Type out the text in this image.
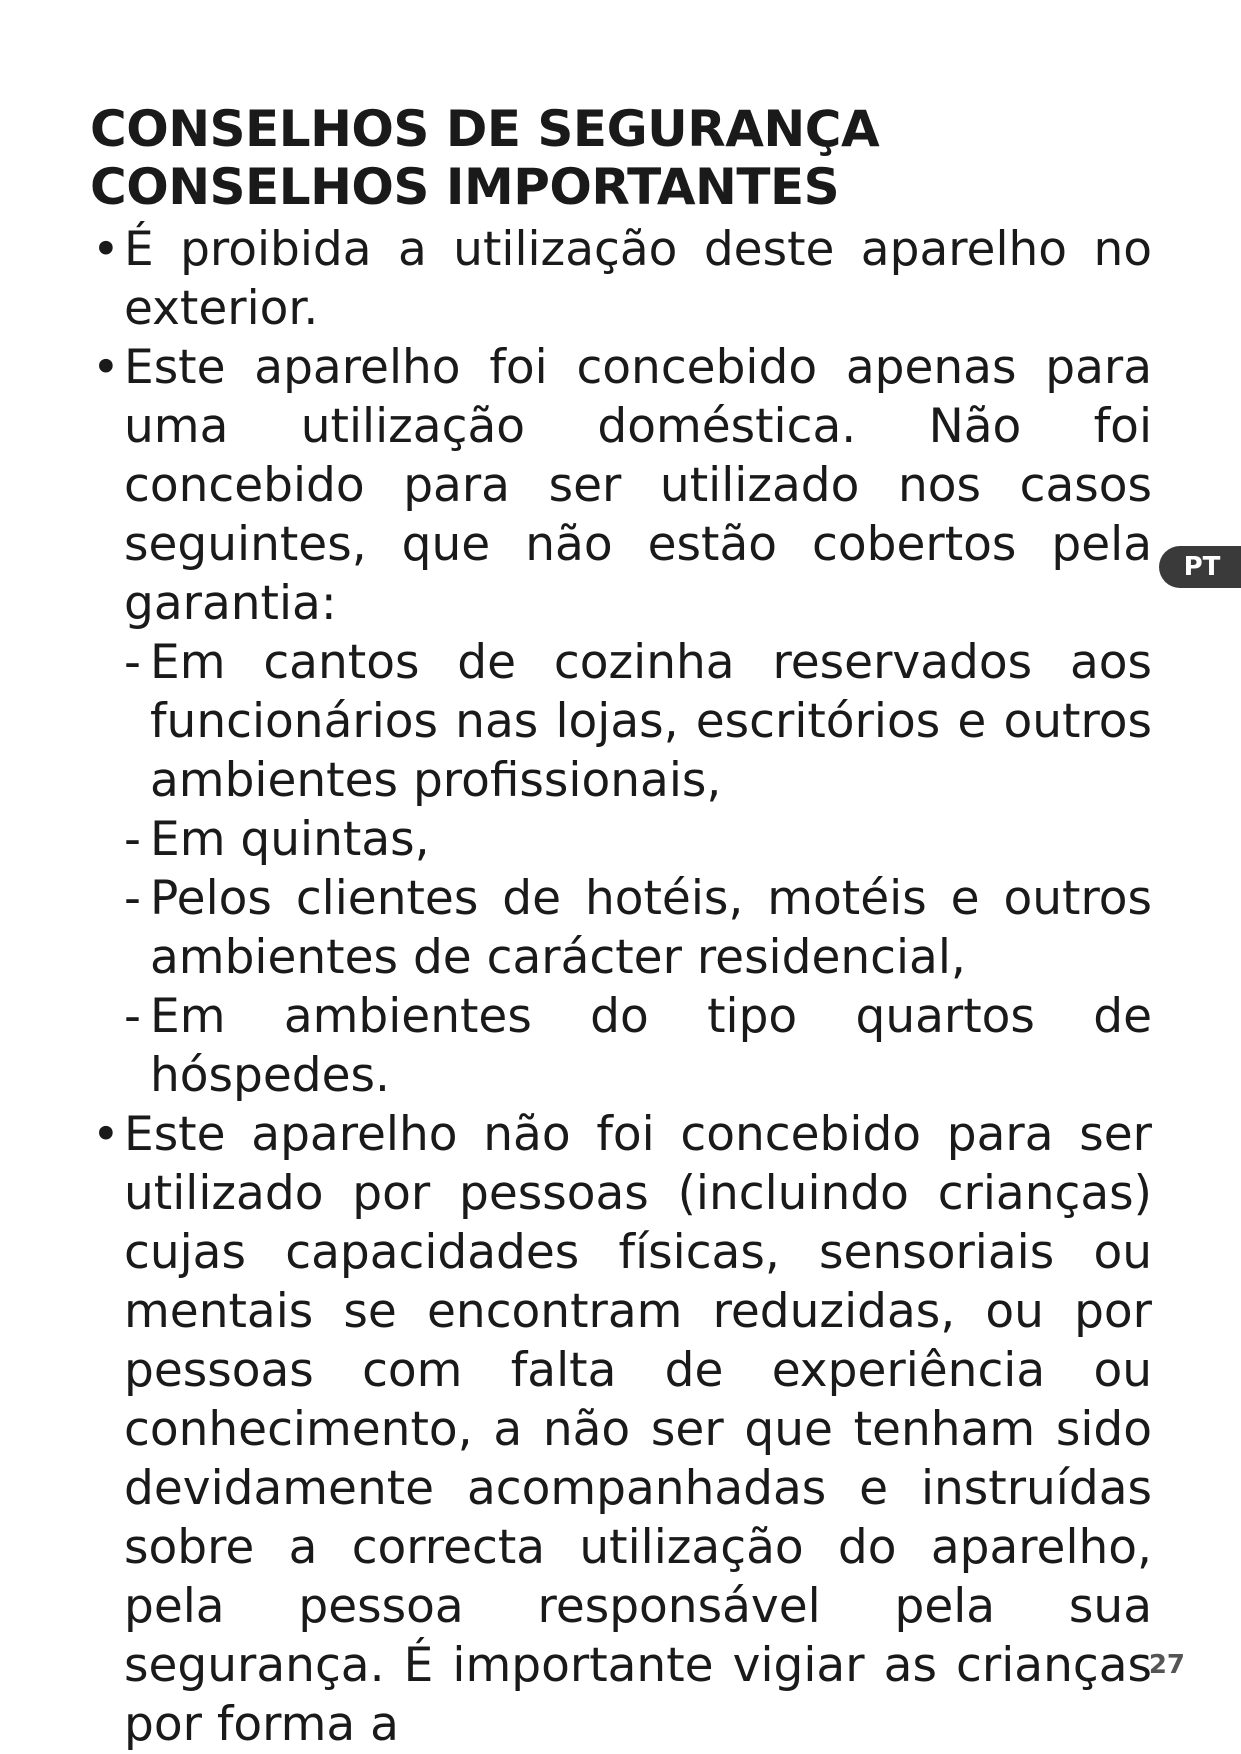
CONSELHOS DE SEGURANÇA
CONSELHOS IMPORTANTES
• É proibida a utilização deste aparelho no exterior.
• Este aparelho foi concebido apenas para uma utilização doméstica. Não foi concebido para ser utilizado nos casos seguintes, que não estão cobertos pela garantia:
- Em cantos de cozinha reservados aos funcionários nas lojas, escritórios e outros ambientes profissionais,
- Em quintas,
- Pelos clientes de hotéis, motéis e outros ambientes de carácter residencial,
- Em ambientes do tipo quartos de hóspedes.
• Este aparelho não foi concebido para ser utilizado por pessoas (incluindo crianças) cujas capacidades físicas, sensoriais ou mentais se encontram reduzidas, ou por pessoas com falta de experiência ou conhecimento, a não ser que tenham sido devidamente acompanhadas e instruídas sobre a correcta utilização do aparelho, pela pessoa responsável pela sua segurança. É importante vigiar as crianças por forma a
PT
27
